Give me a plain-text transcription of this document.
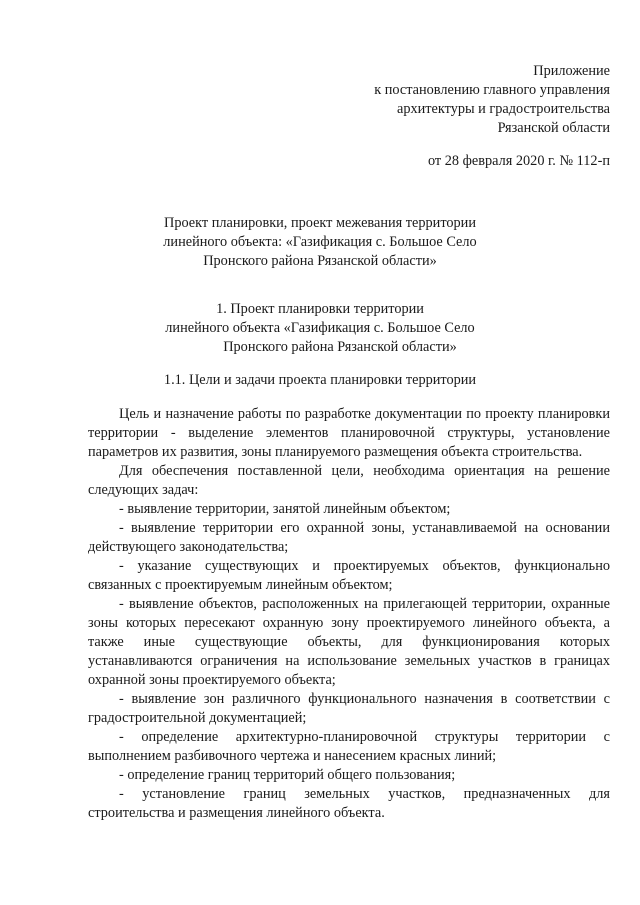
Приложение
к постановлению главного управления
архитектуры и градостроительства
Рязанской области
от 28 февраля 2020 г. № 112-п
Проект планировки, проект межевания территории
линейного объекта: «Газификация с. Большое Село
Пронского района Рязанской области»
1. Проект планировки территории
линейного объекта «Газификация с. Большое Село
Пронского района Рязанской области»
1.1. Цели и задачи проекта планировки территории

Цель и назначение работы по разработке документации по проекту планировки территории - выделение элементов планировочной структуры, установление параметров их развития, зоны планируемого размещения объекта строительства.

Для обеспечения поставленной цели, необходима ориентация на решение следующих задач:

- выявление территории, занятой линейным объектом;

- выявление территории его охранной зоны, устанавливаемой на основании действующего законодательства;

- указание существующих и проектируемых объектов, функционально связанных с проектируемым линейным объектом;

- выявление объектов, расположенных на прилегающей территории, охранные зоны которых пересекают охранную зону проектируемого линейного объекта, а также иные существующие объекты, для функционирования которых устанавливаются ограничения на использование земельных участков в границах охранной зоны проектируемого объекта;

- выявление зон различного функционального назначения в соответствии с градостроительной документацией;

- определение архитектурно-планировочной структуры территории с выполнением разбивочного чертежа и нанесением красных линий;

- определение границ территорий общего пользования;

- установление границ земельных участков, предназначенных для строительства и размещения линейного объекта.
